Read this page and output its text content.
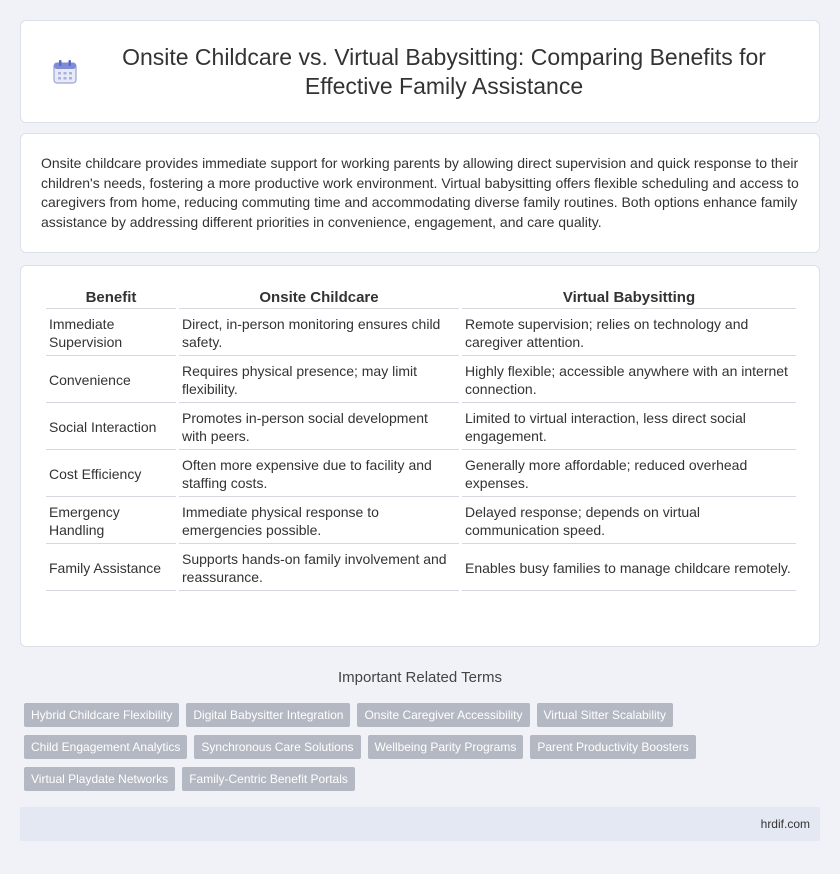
Onsite Childcare vs. Virtual Babysitting: Comparing Benefits for Effective Family Assistance
Onsite childcare provides immediate support for working parents by allowing direct supervision and quick response to their children's needs, fostering a more productive work environment. Virtual babysitting offers flexible scheduling and access to caregivers from home, reducing commuting time and accommodating diverse family routines. Both options enhance family assistance by addressing different priorities in convenience, engagement, and care quality.
Benefit	Onsite Childcare	Virtual Babysitting
Immediate Supervision	Direct, in-person monitoring ensures child safety.	Remote supervision; relies on technology and caregiver attention.
Convenience	Requires physical presence; may limit flexibility.	Highly flexible; accessible anywhere with an internet connection.
Social Interaction	Promotes in-person social development with peers.	Limited to virtual interaction, less direct social engagement.
Cost Efficiency	Often more expensive due to facility and staffing costs.	Generally more affordable; reduced overhead expenses.
Emergency Handling	Immediate physical response to emergencies possible.	Delayed response; depends on virtual communication speed.
Family Assistance	Supports hands-on family involvement and reassurance.	Enables busy families to manage childcare remotely.
Important Related Terms
Hybrid Childcare Flexibility	Digital Babysitter Integration	Onsite Caregiver Accessibility	Virtual Sitter Scalability
Child Engagement Analytics	Synchronous Care Solutions	Wellbeing Parity Programs	Parent Productivity Boosters
Virtual Playdate Networks	Family-Centric Benefit Portals
hrdif.com
